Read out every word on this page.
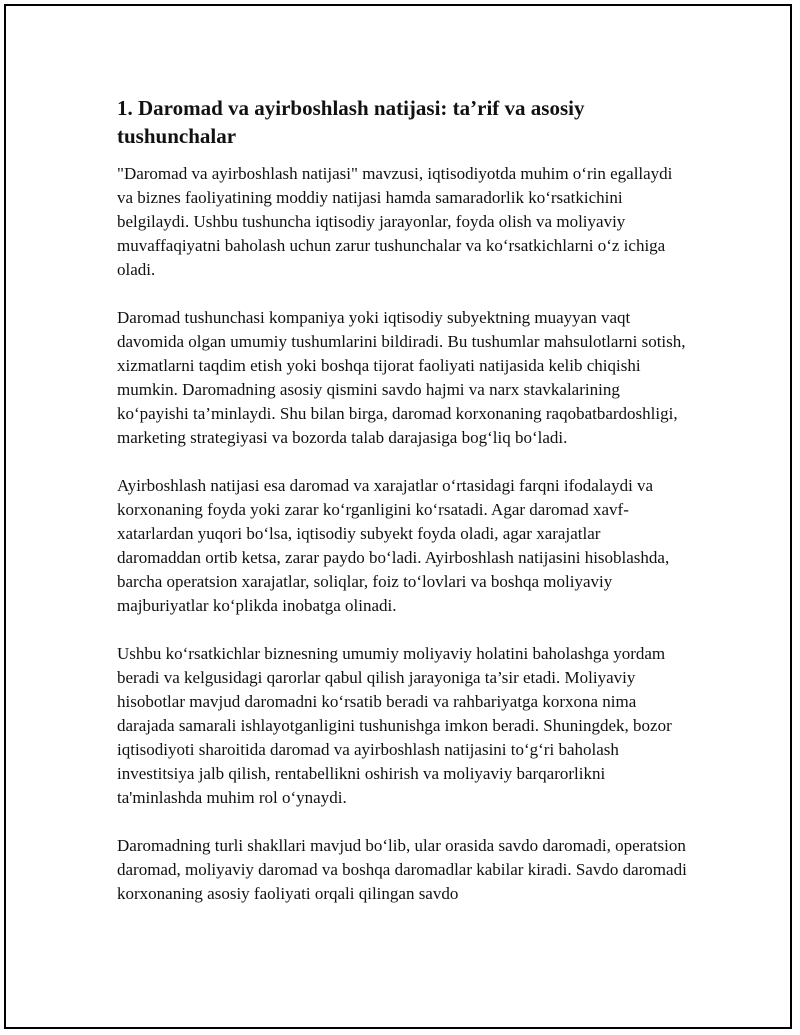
1. Daromad va ayirboshlash natijasi: ta’rif va asosiy tushunchalar

"Daromad va ayirboshlash natijasi" mavzusi, iqtisodiyotda muhim oʻrin egallaydi va biznes faoliyatining moddiy natijasi hamda samaradorlik koʻrsatkichini belgilaydi. Ushbu tushuncha iqtisodiy jarayonlar, foyda olish va moliyaviy muvaffaqiyatni baholash uchun zarur tushunchalar va koʻrsatkichlarni oʻz ichiga oladi.

Daromad tushunchasi kompaniya yoki iqtisodiy subyektning muayyan vaqt davomida olgan umumiy tushumlarini bildiradi. Bu tushumlar mahsulotlarni sotish, xizmatlarni taqdim etish yoki boshqa tijorat faoliyati natijasida kelib chiqishi mumkin. Daromadning asosiy qismini savdo hajmi va narx stavkalarining koʻpayishi ta’minlaydi. Shu bilan birga, daromad korxonaning raqobatbardoshligi, marketing strategiyasi va bozorda talab darajasiga bogʻliq boʻladi.

Ayirboshlash natijasi esa daromad va xarajatlar oʻrtasidagi farqni ifodalaydi va korxonaning foyda yoki zarar koʻrganligini koʻrsatadi. Agar daromad xavf-xatarlardan yuqori boʻlsa, iqtisodiy subyekt foyda oladi, agar xarajatlar daromaddan ortib ketsa, zarar paydo boʻladi. Ayirboshlash natijasini hisoblashda, barcha operatsion xarajatlar, soliqlar, foiz toʻlovlari va boshqa moliyaviy majburiyatlar koʻplikda inobatga olinadi.

Ushbu koʻrsatkichlar biznesning umumiy moliyaviy holatini baholashga yordam beradi va kelgusidagi qarorlar qabul qilish jarayoniga ta’sir etadi. Moliyaviy hisobotlar mavjud daromadni koʻrsatib beradi va rahbariyatga korxona nima darajada samarali ishlayotganligini tushunishga imkon beradi. Shuningdek, bozor iqtisodiyoti sharoitida daromad va ayirboshlash natijasini toʻgʻri baholash investitsiya jalb qilish, rentabellikni oshirish va moliyaviy barqarorlikni ta'minlashda muhim rol oʻynaydi.

Daromadning turli shakllari mavjud boʻlib, ular orasida savdo daromadi, operatsion daromad, moliyaviy daromad va boshqa daromadlar kabilar kiradi. Savdo daromadi korxonaning asosiy faoliyati orqali qilingan savdo
